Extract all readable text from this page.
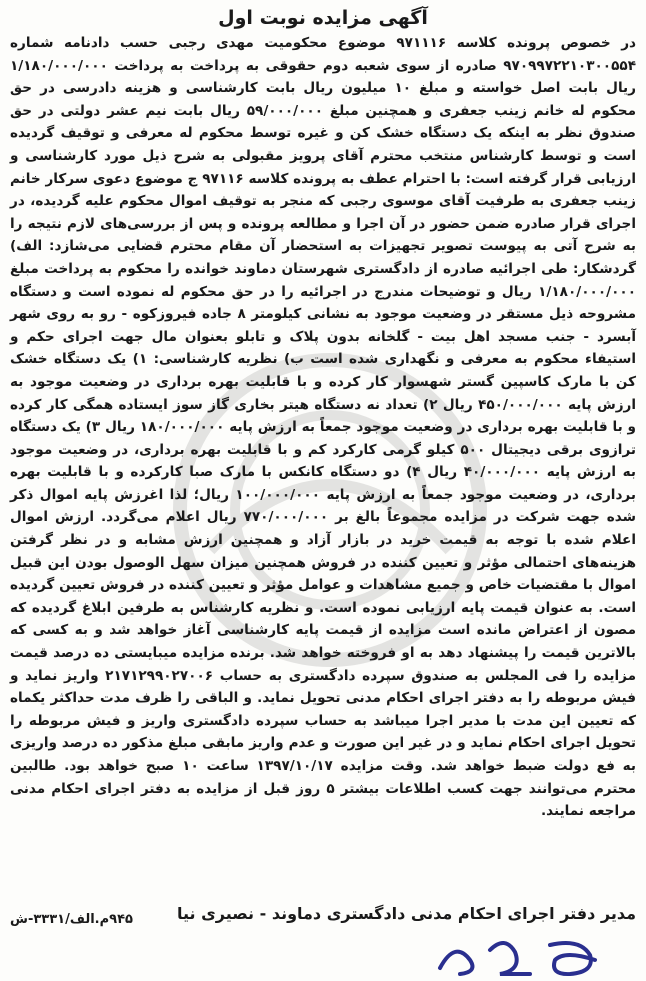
آگهی مزایده نوبت اول

در خصوص پرونده کلاسه ۹۷۱۱۱۶ موضوع محکومیت مهدی رجبی حسب دادنامه شماره ۹۷۰۹۹۷۲۲۱۰۳۰۰۵۵۴ صادره از سوی شعبه دوم حقوقی به پرداخت به پرداخت ۱/۱۸۰/۰۰۰/۰۰۰ ریال بابت اصل خواسته و مبلغ ۱۰ میلیون ریال بابت کارشناسی و هزینه دادرسی در حق محکوم له خانم زینب جعفری و همچنین مبلغ ۵۹/۰۰۰/۰۰۰ ریال بابت نیم عشر دولتی در حق صندوق نظر به اینکه یک دستگاه خشک کن و غیره توسط محکوم له معرفی و توقیف گردیده است و توسط کارشناس منتخب محترم آقای پرویز مقبولی به شرح ذیل مورد کارشناسی و ارزیابی قرار گرفته است: با احترام عطف به پرونده کلاسه ۹۷۱۱۶ ج موضوع دعوی سرکار خانم زینب جعفری به طرفیت آقای موسوی رجبی که منجر به توقیف اموال محکوم علیه گردیده، در اجرای قرار صادره ضمن حضور در آن اجرا و مطالعه پرونده و پس از بررسی‌های لازم نتیجه را به شرح آتی به پیوست تصویر تجهیزات به استحضار آن مقام محترم قضایی می‌شازد: الف) گردشکار: طی اجرائیه صادره از دادگستری شهرستان دماوند خوانده را محکوم به پرداخت مبلغ ۱/۱۸۰/۰۰۰/۰۰۰ ریال و توضیحات مندرج در اجرائیه را در حق محکوم له نموده است و دستگاه مشروحه ذیل مستقر در وضعیت موجود به نشانی کیلومتر ۸ جاده فیروزکوه - رو به روی شهر آبسرد - جنب مسجد اهل بیت - گلخانه بدون پلاک و تابلو بعنوان مال جهت اجرای حکم و استیفاء محکوم به معرفی و نگهداری شده است ب) نظریه کارشناسی: ۱) یک دستگاه خشک کن با مارک کاسپین گستر شهسوار کار کرده و با قابلیت بهره برداری در وضعیت موجود به ارزش پایه ۴۵۰/۰۰۰/۰۰۰ ریال ۲) تعداد نه دستگاه هیتر بخاری گاز سوز ایستاده همگی کار کرده و با قابلیت بهره برداری در وضعیت موجود جمعاً به ارزش پایه ۱۸۰/۰۰۰/۰۰۰ ریال ۳) یک دستگاه ترازوی برقی دیجیتال ۵۰۰ کیلو گرمی کارکرد کم و با قابلیت بهره برداری، در وضعیت موجود به ارزش پایه ۴۰/۰۰۰/۰۰۰ ریال ۴) دو دستگاه کانکس با مارک صبا کارکرده و با قابلیت بهره برداری، در وضعیت موجود جمعاً به ارزش پایه ۱۰۰/۰۰۰/۰۰۰ ریال؛ لذا اغرزش پایه اموال ذکر شده جهت شرکت در مزایده مجموعاً بالغ بر ۷۷۰/۰۰۰/۰۰۰ ریال اعلام می‌گردد. ارزش اموال اعلام شده با توجه به قیمت خرید در بازار آزاد و همچنین ارزش مشابه و در نظر گرفتن هزینه‌های احتمالی مؤثر و تعیین کننده در فروش همچنین میزان سهل الوصول بودن این قبیل اموال با مقتضیات خاص و جمیع مشاهدات و عوامل مؤثر و تعیین کننده در فروش تعیین گردیده است. به عنوان قیمت پایه ارزیابی نموده است. و نظریه کارشناس به طرفین ابلاغ گردیده که مصون از اعتراض مانده است مزایده از قیمت پایه کارشناسی آغاز خواهد شد و به کسی که بالاترین قیمت را پیشنهاد دهد به او فروخته خواهد شد. برنده مزایده میبایستی ده درصد قیمت مزایده را فی المجلس به صندوق سپرده دادگستری به حساب ۲۱۷۱۲۹۹۰۲۷۰۰۶ واریز نماید و فیش مربوطه را به دفتر اجرای احکام مدنی تحویل نماید. و الباقی را ظرف مدت حداکثر یکماه که تعیین این مدت با مدیر اجرا میباشد به حساب سپرده دادگستری واریز و فیش مربوطه را تحویل اجرای احکام نماید و در غیر این صورت و عدم واریز مابقی مبلغ مذکور ده درصد واریزی به فع دولت ضبط خواهد شد. وقت مزایده ۱۳۹۷/۱۰/۱۷ ساعت ۱۰ صبح خواهد بود. طالبین محترم می‌توانند جهت کسب اطلاعات بیشتر ۵ روز قبل از مزایده به دفتر اجرای احکام مدنی مراجعه نمایند.

مدیر دفتر اجرای احکام مدنی دادگستری دماوند - نصیری نیا
۹۴۵م.الف/۳۳۳۱-ش
